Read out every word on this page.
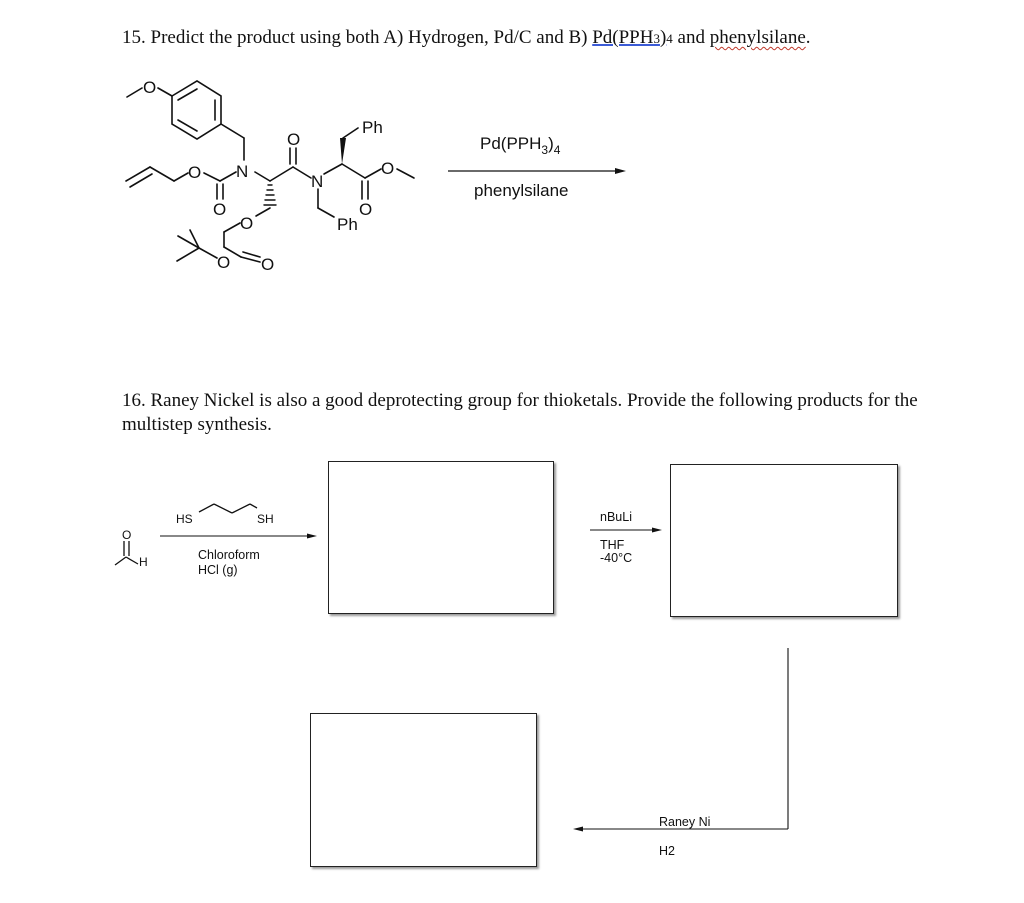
15. Predict the product using both A) Hydrogen, Pd/C and B) Pd(PPH3)4 and phenylsilane.
O
Ph
N
N
O
O
O
O
O
Ph
O
O O
O
H
HS	SH
$Pd(PPH_3)_4$
phenylsilane
16. Raney Nickel is also a good deprotecting group for thioketals. Provide the following products for the multistep synthesis.
Chloroform
HCl (g)
nBuLi
THF
-40°C
Raney Ni
H2
